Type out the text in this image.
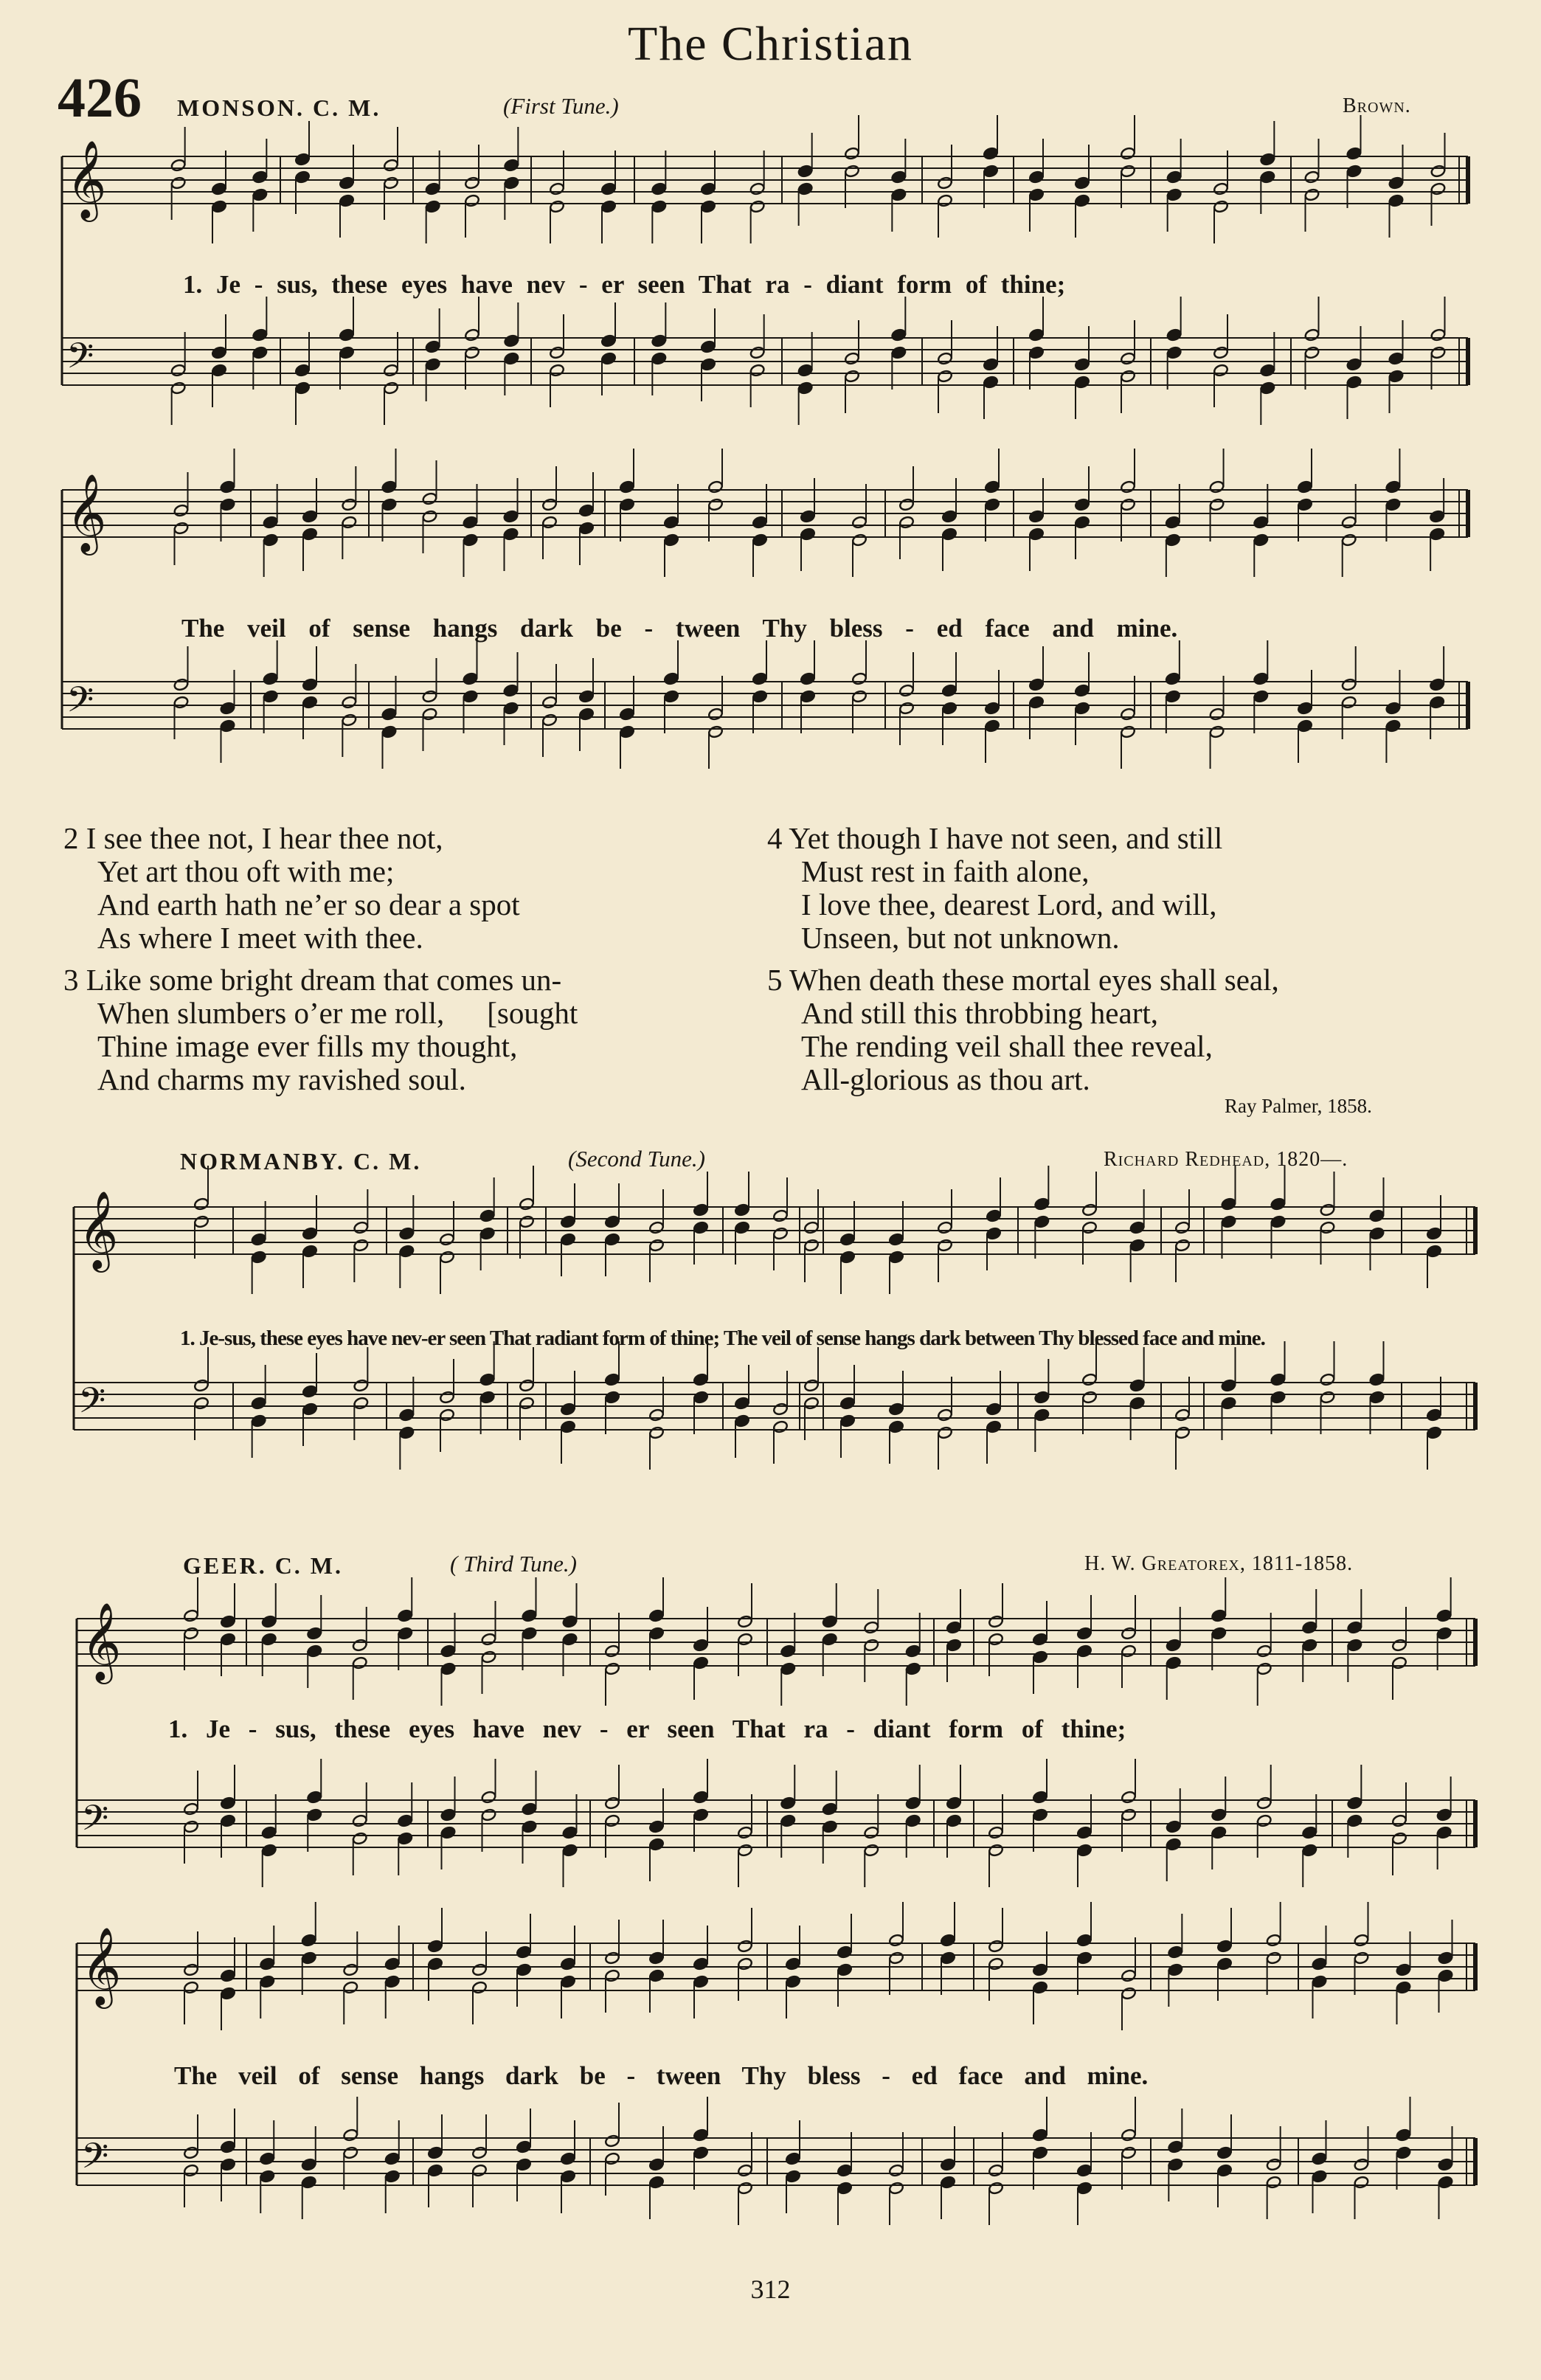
The Christian
426 MONSON. C. M.	(First Tune.)	Brown.
1. Je - sus, these eyes have nev - er seen That ra - diant form of thine;
The veil of sense hangs dark be - tween Thy bless - ed face and mine.
2 I see thee not, I hear thee not,
Yet art thou oft with me;
And earth hath ne’er so dear a spot
As where I meet with thee.
3 Like some bright dream that comes un-
When slumbers o’er me roll, [sought
Thine image ever fills my thought,
And charms my ravished soul.
4 Yet though I have not seen, and still
Must rest in faith alone,
I love thee, dearest Lord, and will,
Unseen, but not unknown.
5 When death these mortal eyes shall seal,
And still this throbbing heart,
The rending veil shall thee reveal,
All-glorious as thou art.
Ray Palmer, 1858.
NORMANBY. C. M.	(Second Tune.)	Richard Redhead, 1820—.
1. Je-sus, these eyes have nev-er seen That radiant form of thine; The veil of sense hangs dark between Thy blessed face and mine.
GEER. C. M.	( Third Tune.)	H. W. Greatorex, 1811-1858.
1. Je - sus, these eyes have nev - er seen That ra - diant form of thine;
The veil of sense hangs dark be - tween Thy bless - ed face and mine.
𝄞
𝄢
𝄞
𝄢
𝄞
𝄢
𝄞
𝄢
𝄞
𝄢
312
